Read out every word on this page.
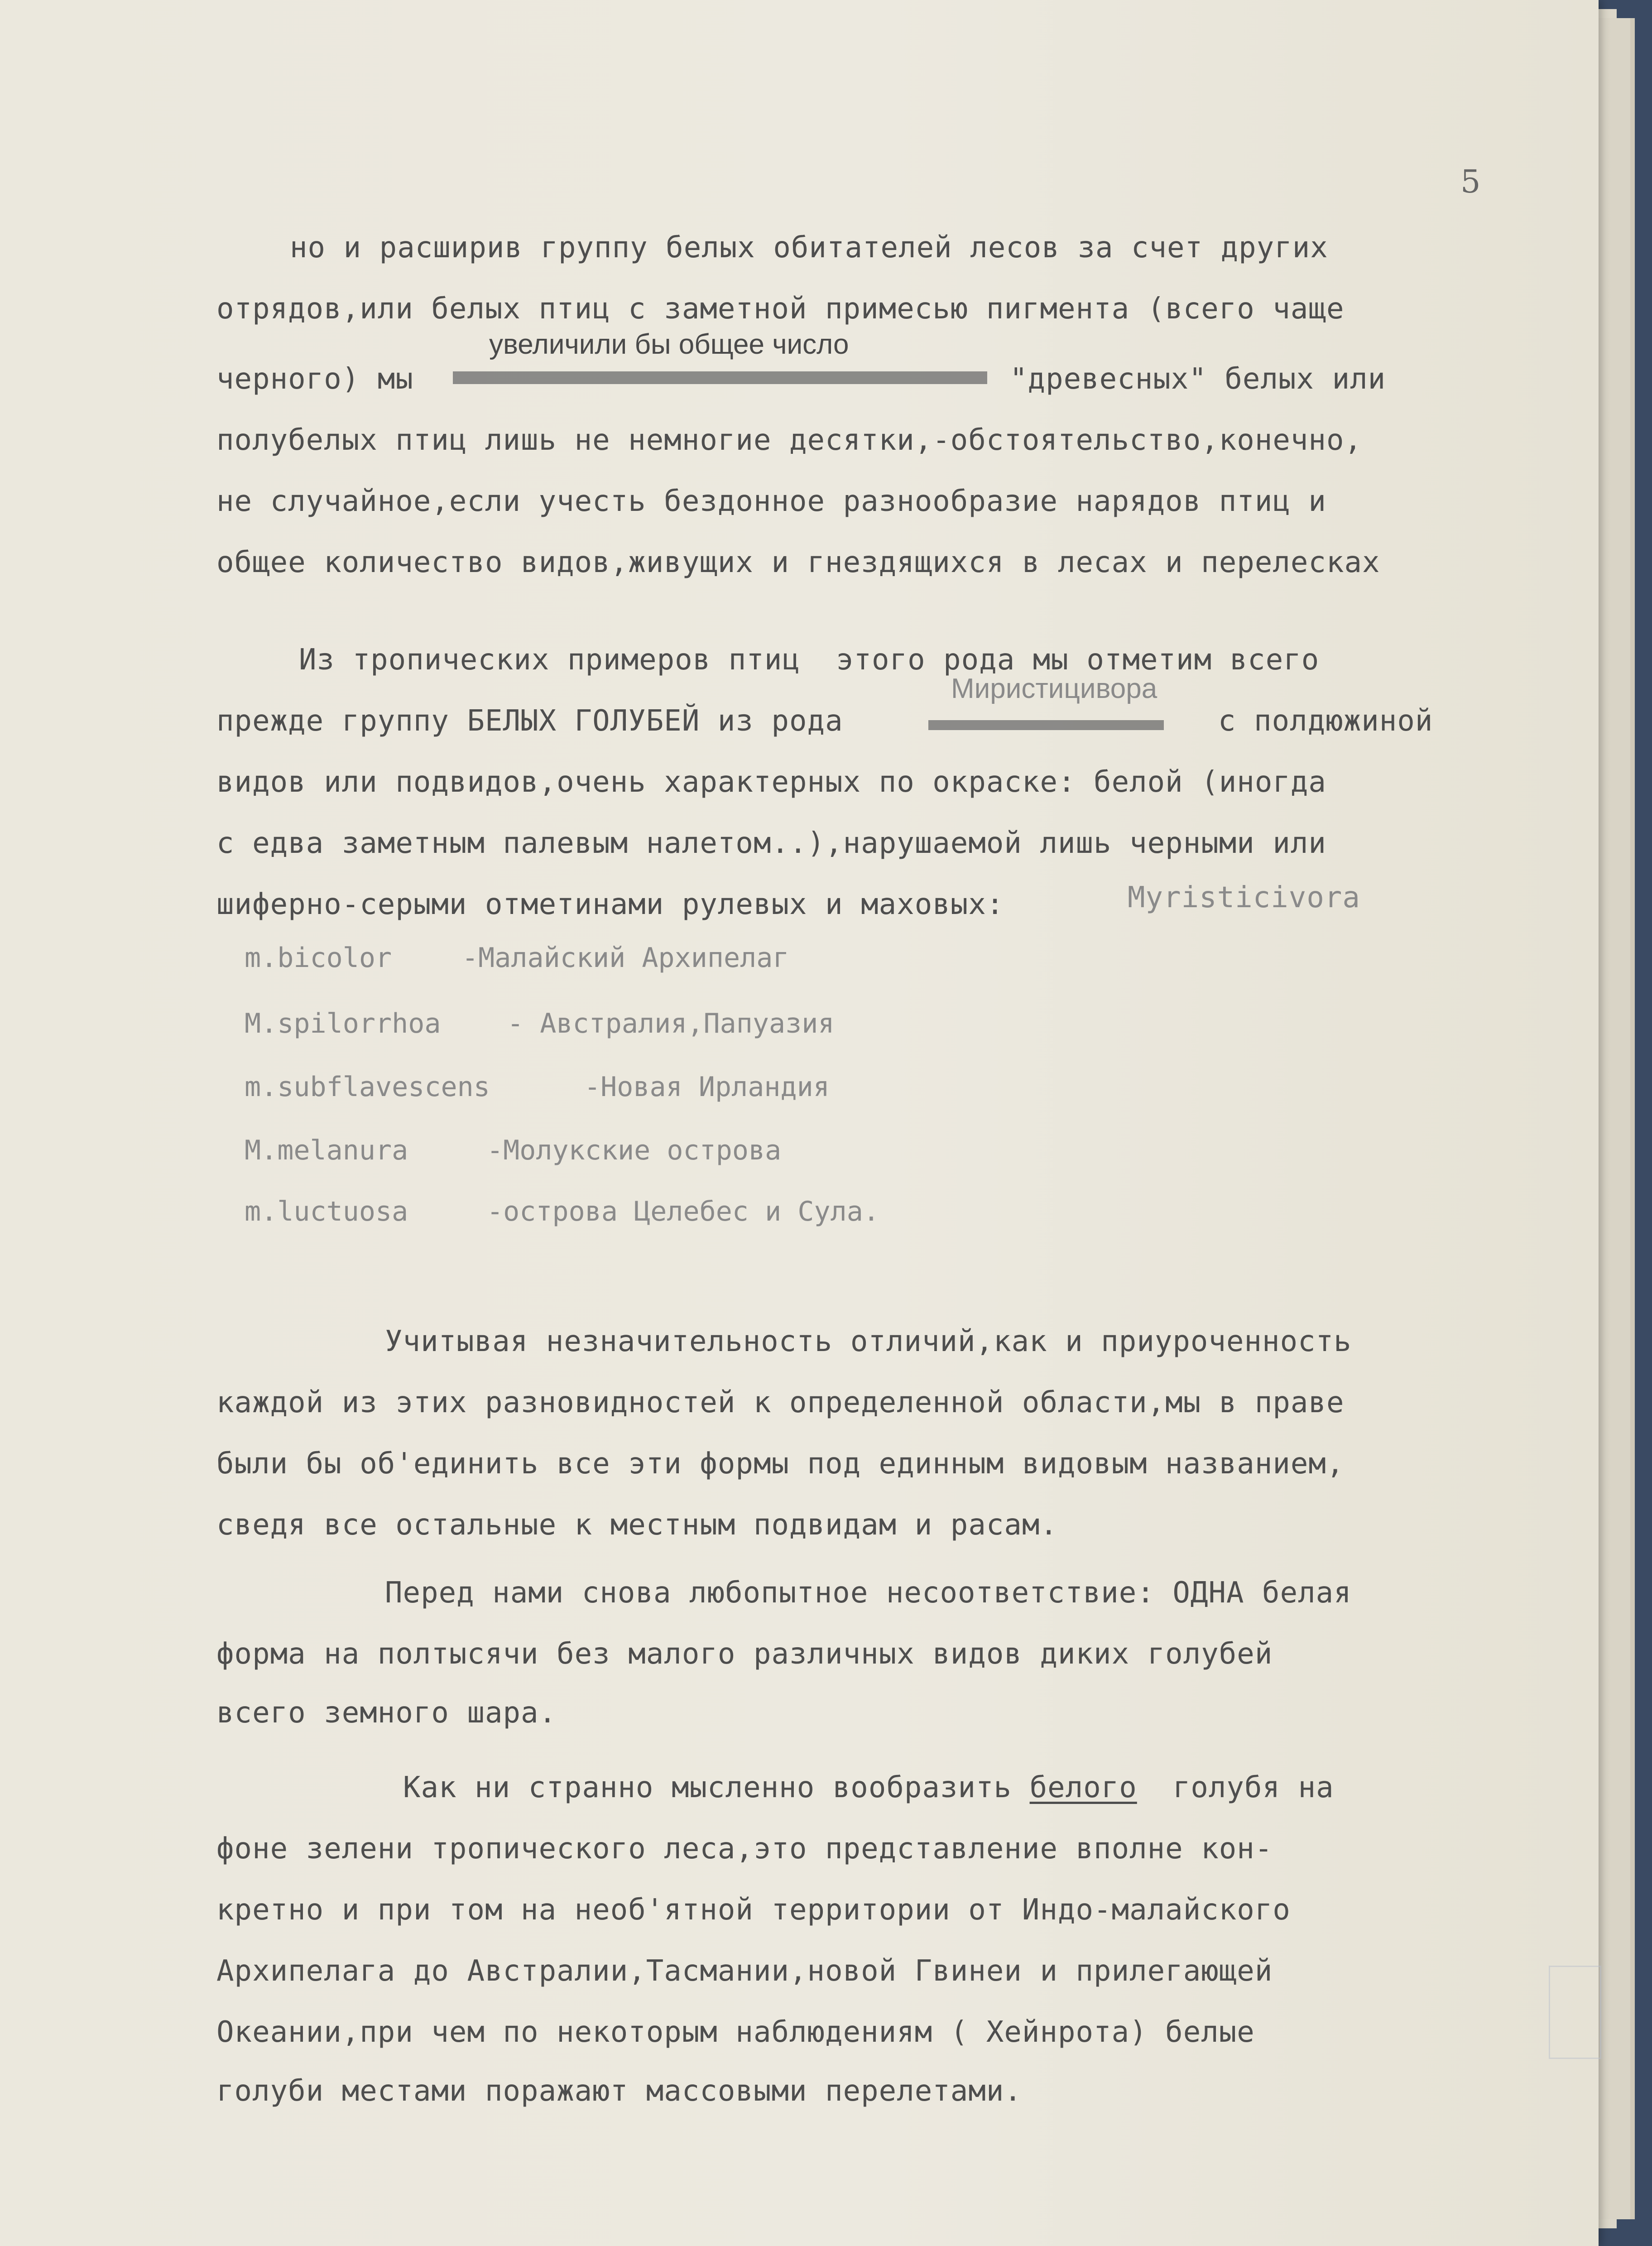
5
но и расширив группу белых обитателей лесов за счет других
отрядов,или белых птиц с заметной примесью пигмента (всего чаще
увеличили бы общее число
черного) мы	"древесных" белых или
полубелых птиц лишь не немногие десятки,-обстоятельство,конечно,
не случайное,если учесть бездонное разнообразие нарядов птиц и
общее количество видов,живущих и гнездящихся в лесах и перелесках
Из тропических примеров птиц  этого рода мы отметим всего
Миристицивора
прежде группу БЕЛЫХ ГОЛУБЕЙ из рода	с полдюжиной
видов или подвидов,очень характерных по окраске: белой (иногда
с едва заметным палевым налетом..),нарушаемой лишь черными или
шиферно-серыми отметинами рулевых и маховых:	Myristicivora
m.bicolor	-Малайский Архипелаг
M.spilorrhoa - Австралия,Папуазия
m.subflavescens	-Новая Ирландия
M.melanura	-Молукские острова
m.luctuosa	-острова Целебес и Сула.
Учитывая незначительность отличий,как и приуроченность
каждой из этих разновидностей к определенной области,мы в праве
были бы об'единить все эти формы под единным видовым названием,
сведя все остальные к местным подвидам и расам.
Перед нами снова любопытное несоответствие: ОДНА белая
форма на полтысячи без малого различных видов диких голубей
всего земного шара.
Как ни странно мысленно вообразить белого  голубя на
фоне зелени тропического леса,это представление вполне кон-
кретно и при том на необ'ятной территории от Индо-малайского
Архипелага до Австралии,Тасмании,новой Гвинеи и прилегающей
Океании,при чем по некоторым наблюдениям ( Хейнрота) белые
голуби местами поражают массовыми перелетами.
